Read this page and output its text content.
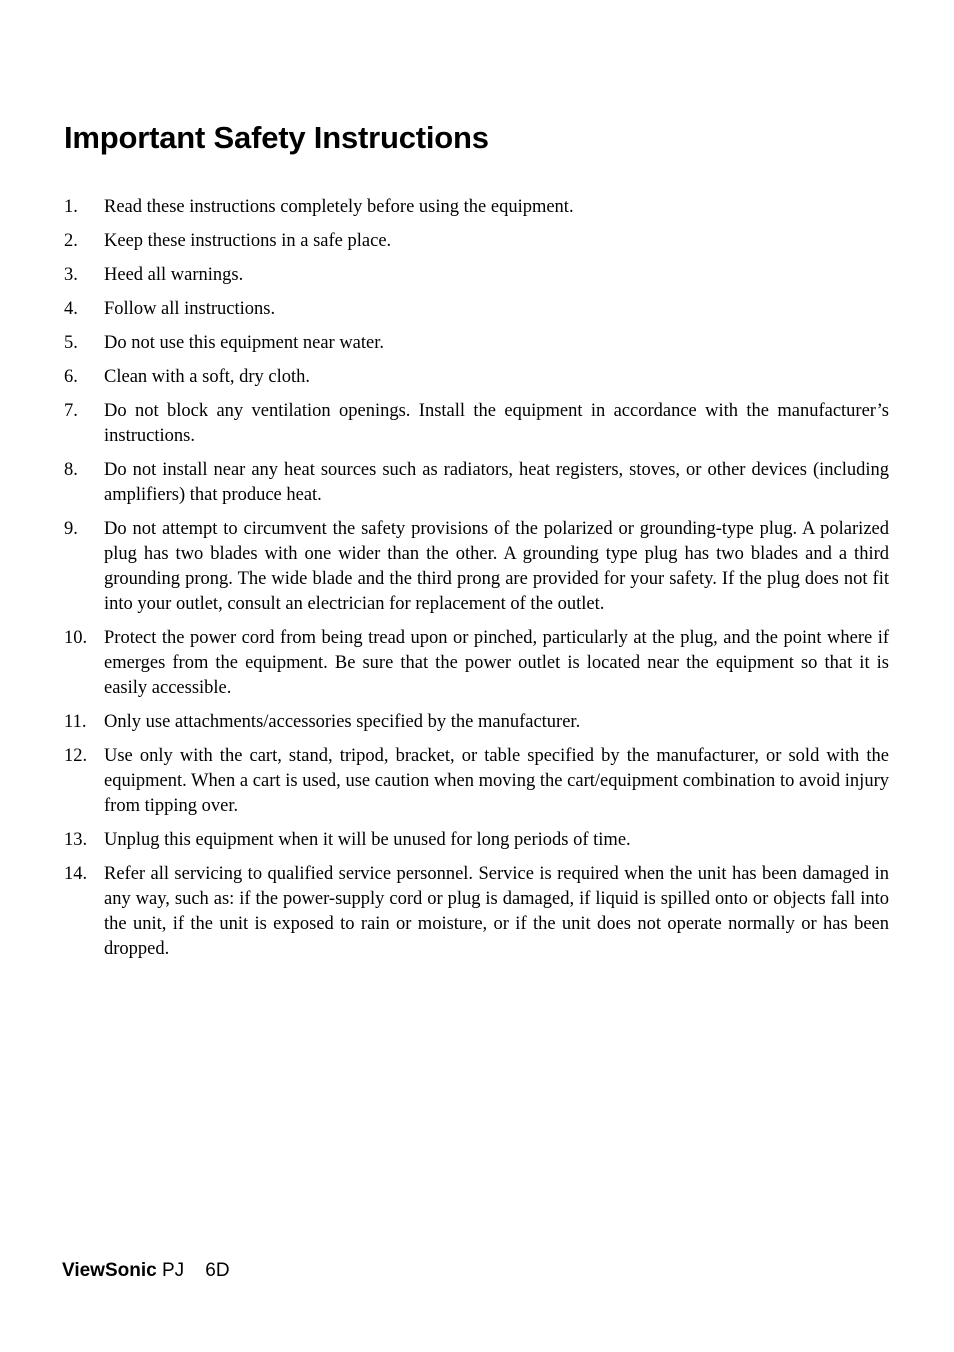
Important Safety Instructions
1.	Read these instructions completely before using the equipment.
2.	Keep these instructions in a safe place.
3.	Heed all warnings.
4.	Follow all instructions.
5.	Do not use this equipment near water.
6.	Clean with a soft, dry cloth.
7.	Do not block any ventilation openings. Install the equipment in accordance with the manufacturer’s instructions.
8.	Do not install near any heat sources such as radiators, heat registers, stoves, or other devices (including amplifiers) that produce heat.
9.	Do not attempt to circumvent the safety provisions of the polarized or grounding-type plug. A polarized plug has two blades with one wider than the other. A grounding type plug has two blades and a third grounding prong. The wide blade and the third prong are provided for your safety. If the plug does not fit into your outlet, consult an electrician for replacement of the outlet.
10. Protect the power cord from being tread upon or pinched, particularly at the plug, and the point where if emerges from the equipment. Be sure that the power outlet is located near the equipment so that it is easily accessible.
11. Only use attachments/accessories specified by the manufacturer.
12. Use only with the cart, stand, tripod, bracket, or table specified by the manufacturer, or sold with the equipment. When a cart is used, use caution when moving the cart/equipment combination to avoid injury from tipping over.
13. Unplug this equipment when it will be unused for long periods of time.
14. Refer all servicing to qualified service personnel. Service is required when the unit has been damaged in any way, such as: if the power-supply cord or plug is damaged, if liquid is spilled onto or objects fall into the unit, if the unit is exposed to rain or moisture, or if the unit does not operate normally or has been dropped.
ViewSonic PJ    6D
